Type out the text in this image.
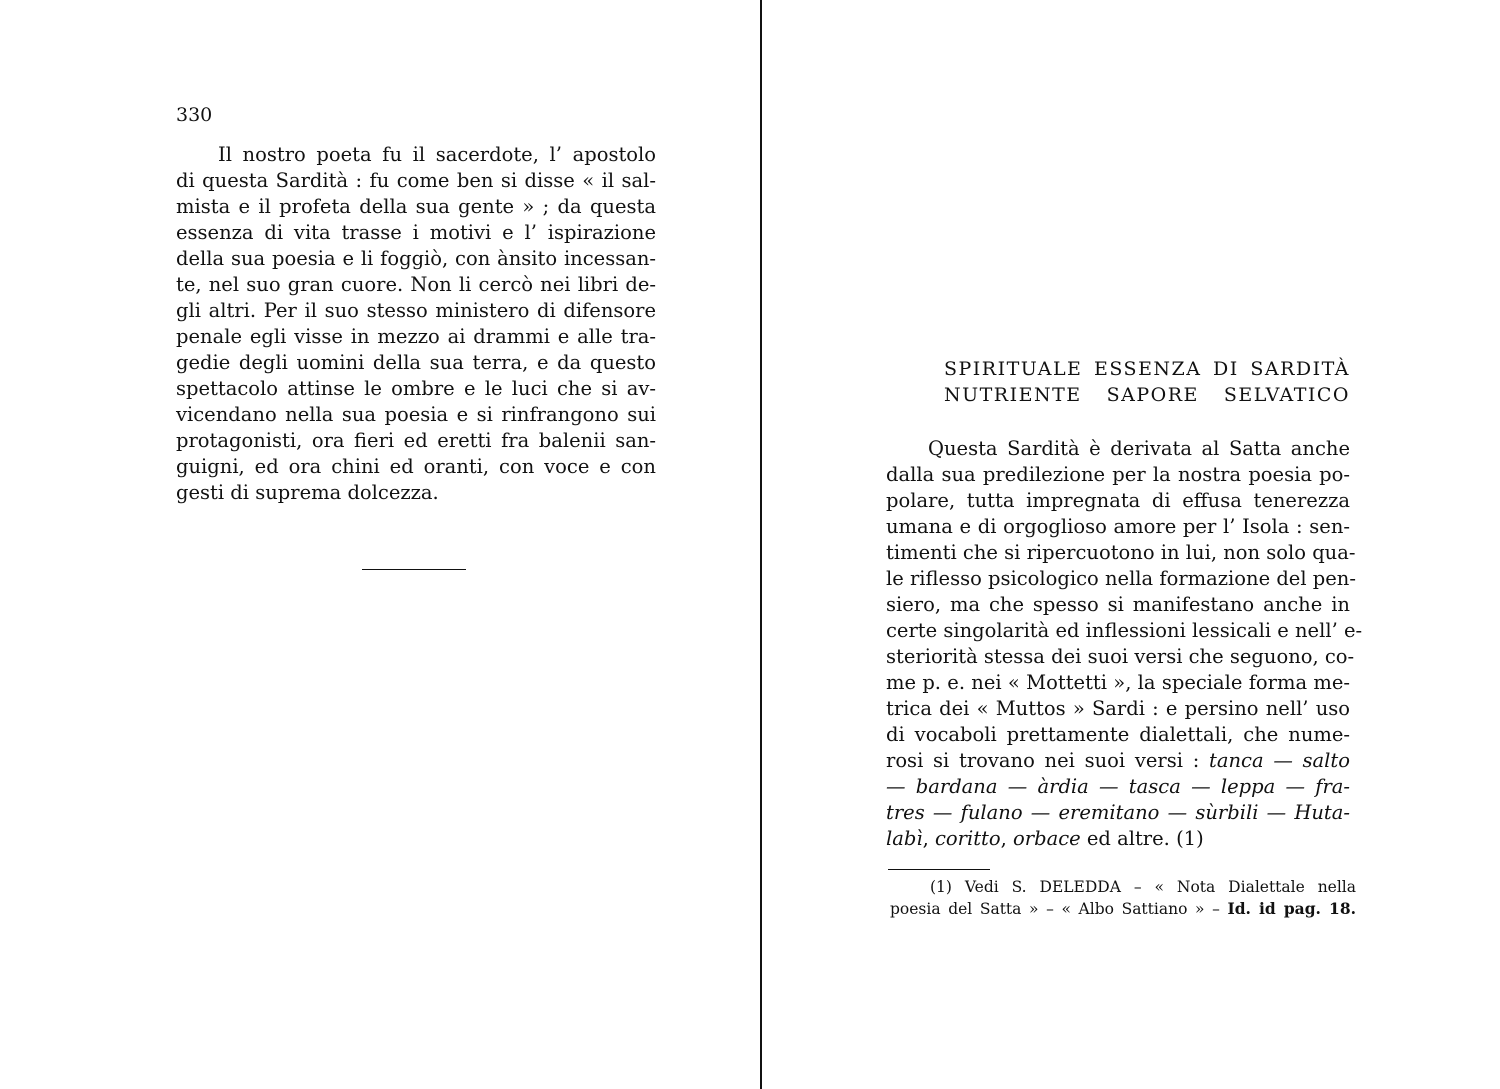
330
Il nostro poeta fu il sacerdote, l’ apostolo
di questa Sardità : fu come ben si disse « il sal-
mista e il profeta della sua gente » ; da questa
essenza di vita trasse i motivi e l’ ispirazione
della sua poesia e li foggiò, con ànsito incessan-
te, nel suo gran cuore. Non li cercò nei libri de-
gli altri. Per il suo stesso ministero di difensore
penale egli visse in mezzo ai drammi e alle tra-
gedie degli uomini della sua terra, e da questo
spettacolo attinse le ombre e le luci che si av-
vicendano nella sua poesia e si rinfrangono sui
protagonisti, ora fieri ed eretti fra balenii san-
guigni, ed ora chini ed oranti, con voce e con
gesti di suprema dolcezza.
SPIRITUALE ESSENZA DI SARDITÀ
NUTRIENTE SAPORE SELVATICO
Questa Sardità è derivata al Satta anche
dalla sua predilezione per la nostra poesia po-
polare, tutta impregnata di effusa tenerezza
umana e di orgoglioso amore per l’ Isola : sen-
timenti che si ripercuotono in lui, non solo qua-
le riflesso psicologico nella formazione del pen-
siero, ma che spesso si manifestano anche in
certe singolarità ed inflessioni lessicali e nell’ e-
steriorità stessa dei suoi versi che seguono, co-
me p. e. nei « Mottetti », la speciale forma me-
trica dei « Muttos » Sardi : e persino nell’ uso
di vocaboli prettamente dialettali, che nume-
rosi si trovano nei suoi versi : tanca — salto
— bardana — àrdia — tasca — leppa — fra-
tres — fulano — eremitano — sùrbili — Huta-
labì, coritto, orbace ed altre. (1)
(1) Vedi S. DELEDDA – « Nota Dialettale nella
poesia del Satta » – « Albo Sattiano » – Id. id pag. 18.
